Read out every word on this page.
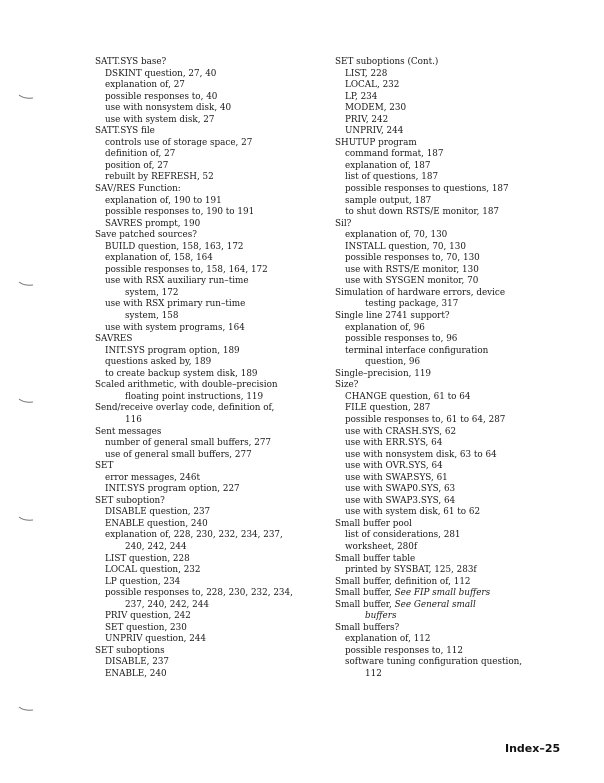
SATT.SYS base?
DSKINT question, 27, 40
explanation of, 27
possible responses to, 40
use with nonsystem disk, 40
use with system disk, 27
SATT.SYS file
controls use of storage space, 27
definition of, 27
position of, 27
rebuilt by REFRESH, 52
SAV/RES Function:
explanation of, 190 to 191
possible responses to, 190 to 191
SAVRES prompt, 190
Save patched sources?
BUILD question, 158, 163, 172
explanation of, 158, 164
possible responses to, 158, 164, 172
use with RSX auxiliary run–time
system, 172
use with RSX primary run–time
system, 158
use with system programs, 164
SAVRES
INIT.SYS program option, 189
questions asked by, 189
to create backup system disk, 189
Scaled arithmetic, with double–precision
floating point instructions, 119
Send/receive overlay code, definition of,
116
Sent messages
number of general small buffers, 277
use of general small buffers, 277
SET
error messages, 246t
INIT.SYS program option, 227
SET suboption?
DISABLE question, 237
ENABLE question, 240
explanation of, 228, 230, 232, 234, 237,
240, 242, 244
LIST question, 228
LOCAL question, 232
LP question, 234
possible responses to, 228, 230, 232, 234,
237, 240, 242, 244
PRIV question, 242
SET question, 230
UNPRIV question, 244
SET suboptions
DISABLE, 237
ENABLE, 240
SET suboptions (Cont.)
LIST, 228
LOCAL, 232
LP, 234
MODEM, 230
PRIV, 242
UNPRIV, 244
SHUTUP program
command format, 187
explanation of, 187
list of questions, 187
possible responses to questions, 187
sample output, 187
to shut down RSTS/E monitor, 187
Sil?
explanation of, 70, 130
INSTALL question, 70, 130
possible responses to, 70, 130
use with RSTS/E monitor, 130
use with SYSGEN monitor, 70
Simulation of hardware errors, device
testing package, 317
Single line 2741 support?
explanation of, 96
possible responses to, 96
terminal interface configuration
question, 96
Single–precision, 119
Size?
CHANGE question, 61 to 64
FILE question, 287
possible responses to, 61 to 64, 287
use with CRASH.SYS, 62
use with ERR.SYS, 64
use with nonsystem disk, 63 to 64
use with OVR.SYS, 64
use with SWAP.SYS, 61
use with SWAP0.SYS, 63
use with SWAP3.SYS, 64
use with system disk, 61 to 62
Small buffer pool
list of considerations, 281
worksheet, 280f
Small buffer table
printed by SYSBAT, 125, 283f
Small buffer, definition of, 112
Small buffer, See FIP small buffers
Small buffer, See General small
buffers
Small buffers?
explanation of, 112
possible responses to, 112
software tuning configuration question,
112
Index–25
